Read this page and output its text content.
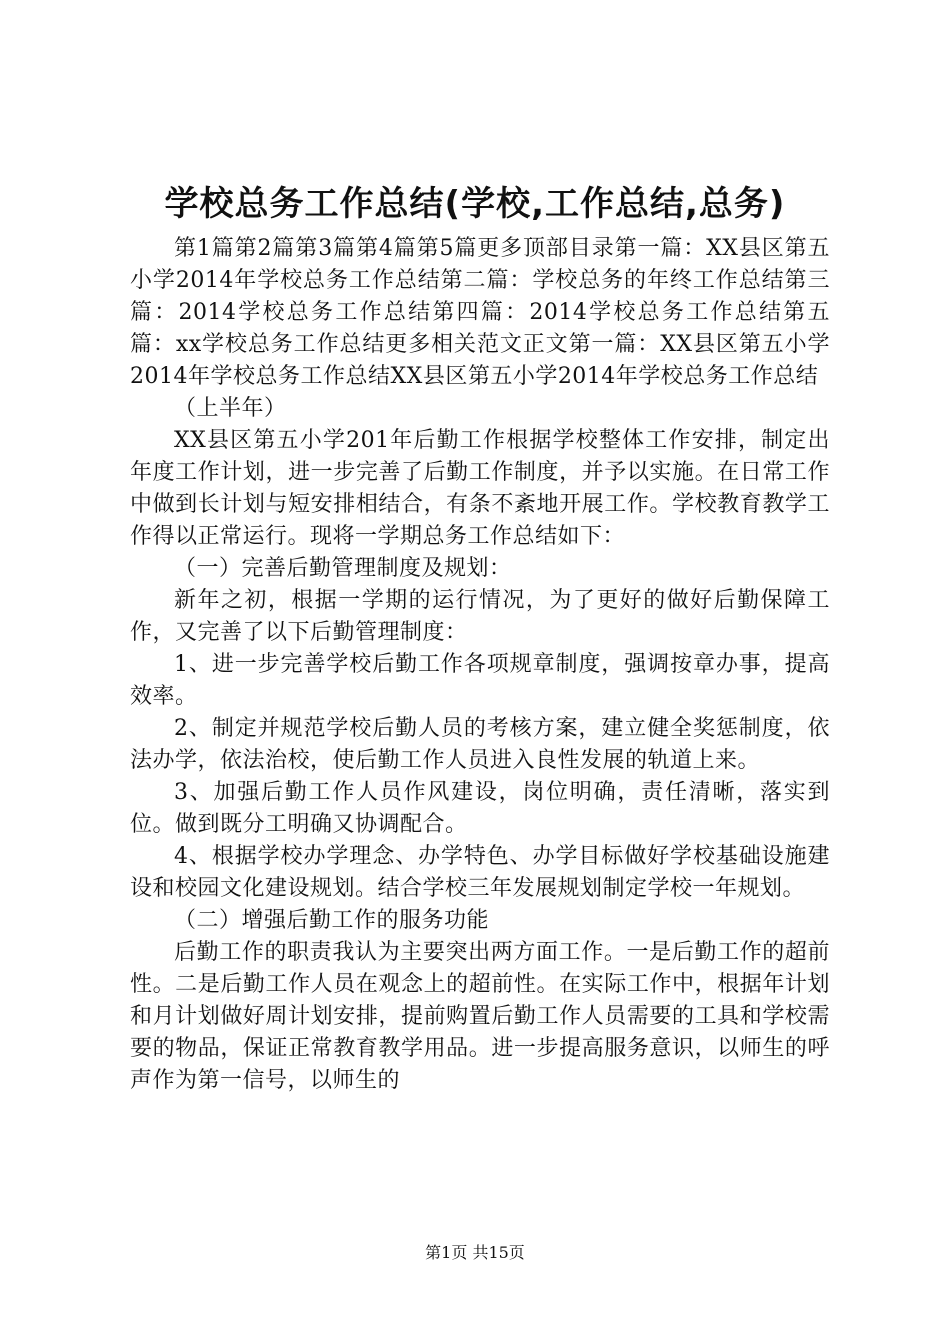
学校总务工作总结(学校,工作总结,总务)

第1篇第2篇第3篇第4篇第5篇更多顶部目录第一篇：XX县区第五小学2014年学校总务工作总结第二篇：学校总务的年终工作总结第三篇：2014学校总务工作总结第四篇：2014学校总务工作总结第五篇：xx学校总务工作总结更多相关范文正文第一篇：XX县区第五小学2014年学校总务工作总结XX县区第五小学2014年学校总务工作总结

（上半年）

XX县区第五小学201年后勤工作根据学校整体工作安排，制定出年度工作计划，进一步完善了后勤工作制度，并予以实施。在日常工作中做到长计划与短安排相结合，有条不紊地开展工作。学校教育教学工作得以正常运行。现将一学期总务工作总结如下：

（一）完善后勤管理制度及规划：

新年之初，根据一学期的运行情况，为了更好的做好后勤保障工作，又完善了以下后勤管理制度：

1、进一步完善学校后勤工作各项规章制度，强调按章办事，提高效率。

2、制定并规范学校后勤人员的考核方案，建立健全奖惩制度，依法办学，依法治校，使后勤工作人员进入良性发展的轨道上来。

3、加强后勤工作人员作风建设，岗位明确，责任清晰，落实到位。做到既分工明确又协调配合。

4、根据学校办学理念、办学特色、办学目标做好学校基础设施建设和校园文化建设规划。结合学校三年发展规划制定学校一年规划。

（二）增强后勤工作的服务功能

后勤工作的职责我认为主要突出两方面工作。一是后勤工作的超前性。二是后勤工作人员在观念上的超前性。在实际工作中，根据年计划和月计划做好周计划安排，提前购置后勤工作人员需要的工具和学校需要的物品，保证正常教育教学用品。进一步提高服务意识，以师生的呼声作为第一信号，以师生的

第1页 共15页
